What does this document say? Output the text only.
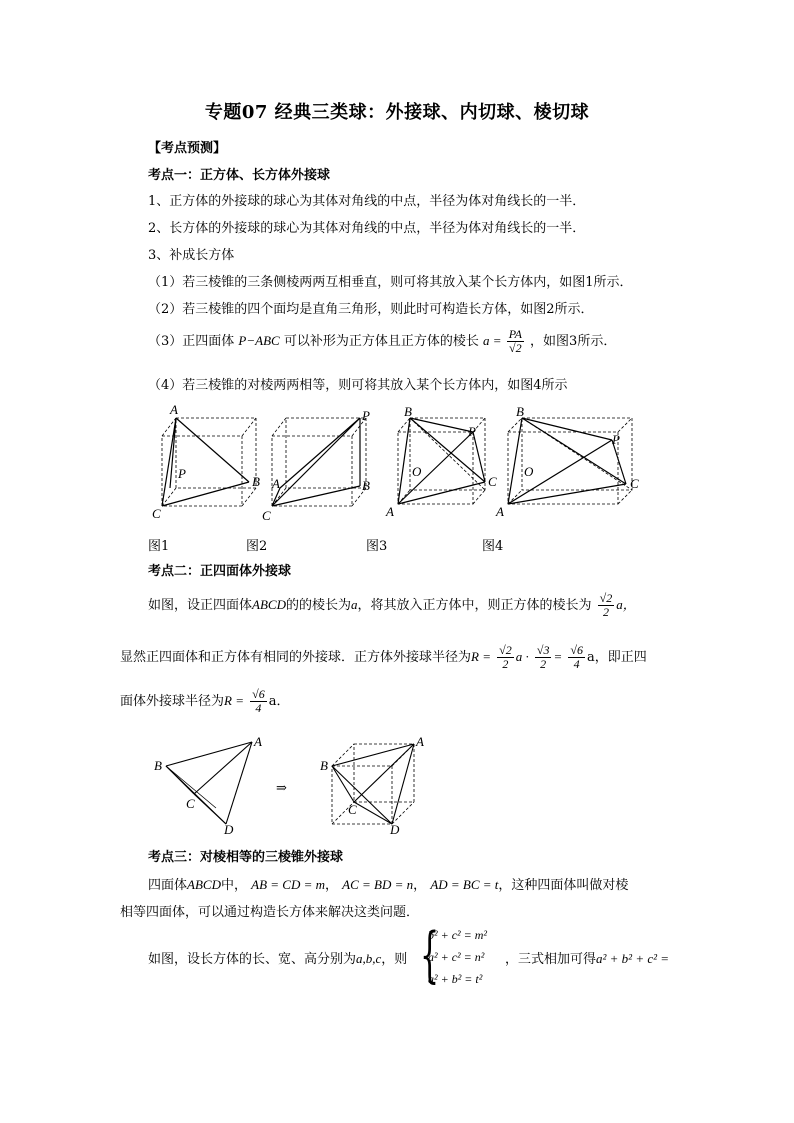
专题07 经典三类球：外接球、内切球、棱切球
【考点预测】
考点一：正方体、长方体外接球
1、正方体的外接球的球心为其体对角线的中点，半径为体对角线长的一半．
2、长方体的外接球的球心为其体对角线的中点，半径为体对角线长的一半．
3、补成长方体
（1）若三棱锥的三条侧棱两两互相垂直，则可将其放入某个长方体内，如图1所示．
（2）若三棱锥的四个面均是直角三角形，则此时可构造长方体，如图2所示．
（3）正四面体 P−ABC 可以补形为正方体且正方体的棱长 $a = \frac{PA}{√2}$ ，如图3所示．
（4）若三棱锥的对棱两两相等，则可将其放入某个长方体内，如图4所示
A
P
B
C
P
A	B
C
B
P
O
C
A
B
P
O
C
A
图1	图2	图3	图4
考点二：正四面体外接球
如图，设正四面体ABCD的的棱长为a，将其放入正方体中，则正方体的棱长为 $\frac{√2}{2}$ a，
显然正四面体和正方体有相同的外接球．正方体外接球半径为$R = \frac{√2}{2}$ $a \cdot \frac{√3}{2} = \frac{√6}{4}$ a，即正四
面体外接球半径为$R = \frac{√6}{4}$ a．
A
B
C
D
⇒
A
B
C
D
考点三：对棱相等的三棱锥外接球
四面体ABCD中， AB = CD = m， AC = BD = n， AD = BC = t，这种四面体叫做对棱
相等四面体，可以通过构造长方体来解决这类问题．
如图，设长方体的长、宽、高分别为a,b,c，则 {
b² + c² = m²
a² + c² = n²
a² + b² = t²
，三式相加可得a² + b² + c² =
